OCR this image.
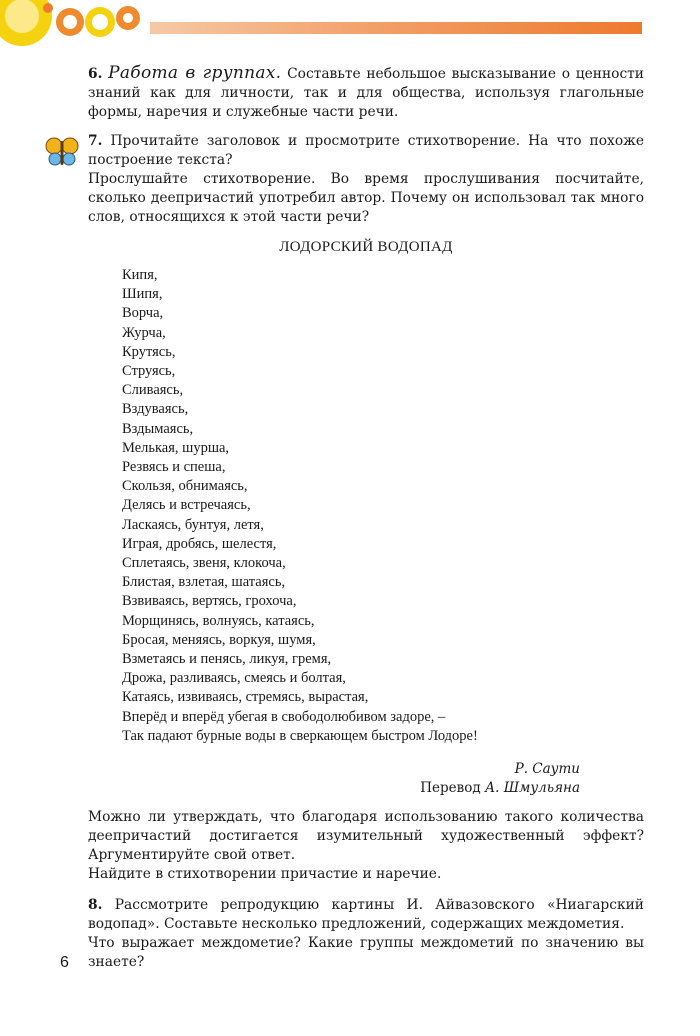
6. Работа в группах. Составьте небольшое высказывание о ценности знаний как для личности, так и для общества, используя глагольные формы, наречия и служебные части речи.

7. Прочитайте заголовок и просмотрите стихотворение. На что похоже построение текста?

Прослушайте стихотворение. Во время прослушивания посчитайте, сколько деепричастий употребил автор. Почему он использовал так много слов, относящихся к этой части речи?

ЛОДОРСКИЙ ВОДОПАД
Кипя,
Шипя,
Ворча,
Журча,
Крутясь,
Струясь,
Сливаясь,
Вздуваясь,
Вздымаясь,
Мелькая, шурша,
Резвясь и спеша,
Скользя, обнимаясь,
Делясь и встречаясь,
Ласкаясь, бунтуя, летя,
Играя, дробясь, шелестя,
Сплетаясь, звеня, клокоча,
Блистая, взлетая, шатаясь,
Взвиваясь, вертясь, грохоча,
Морщинясь, волнуясь, катаясь,
Бросая, меняясь, воркуя, шумя,
Взметаясь и пенясь, ликуя, гремя,
Дрожа, разливаясь, смеясь и болтая,
Катаясь, извиваясь, стремясь, вырастая,
Вперёд и вперёд убегая в свободолюбивом задоре, –
Так падают бурные воды в сверкающем быстром Лодоре!
Р. Саути
Перевод А. Шмульяна

Можно ли утверждать, что благодаря использованию такого количества деепричастий достигается изумительный художественный эффект? Аргументируйте свой ответ.

Найдите в стихотворении причастие и наречие.

8. Рассмотрите репродукцию картины И. Айвазовского «Ниагарский водопад». Составьте несколько предложений, содержащих междометия.

Что выражает междометие? Какие группы междометий по значению вы знаете?

6
